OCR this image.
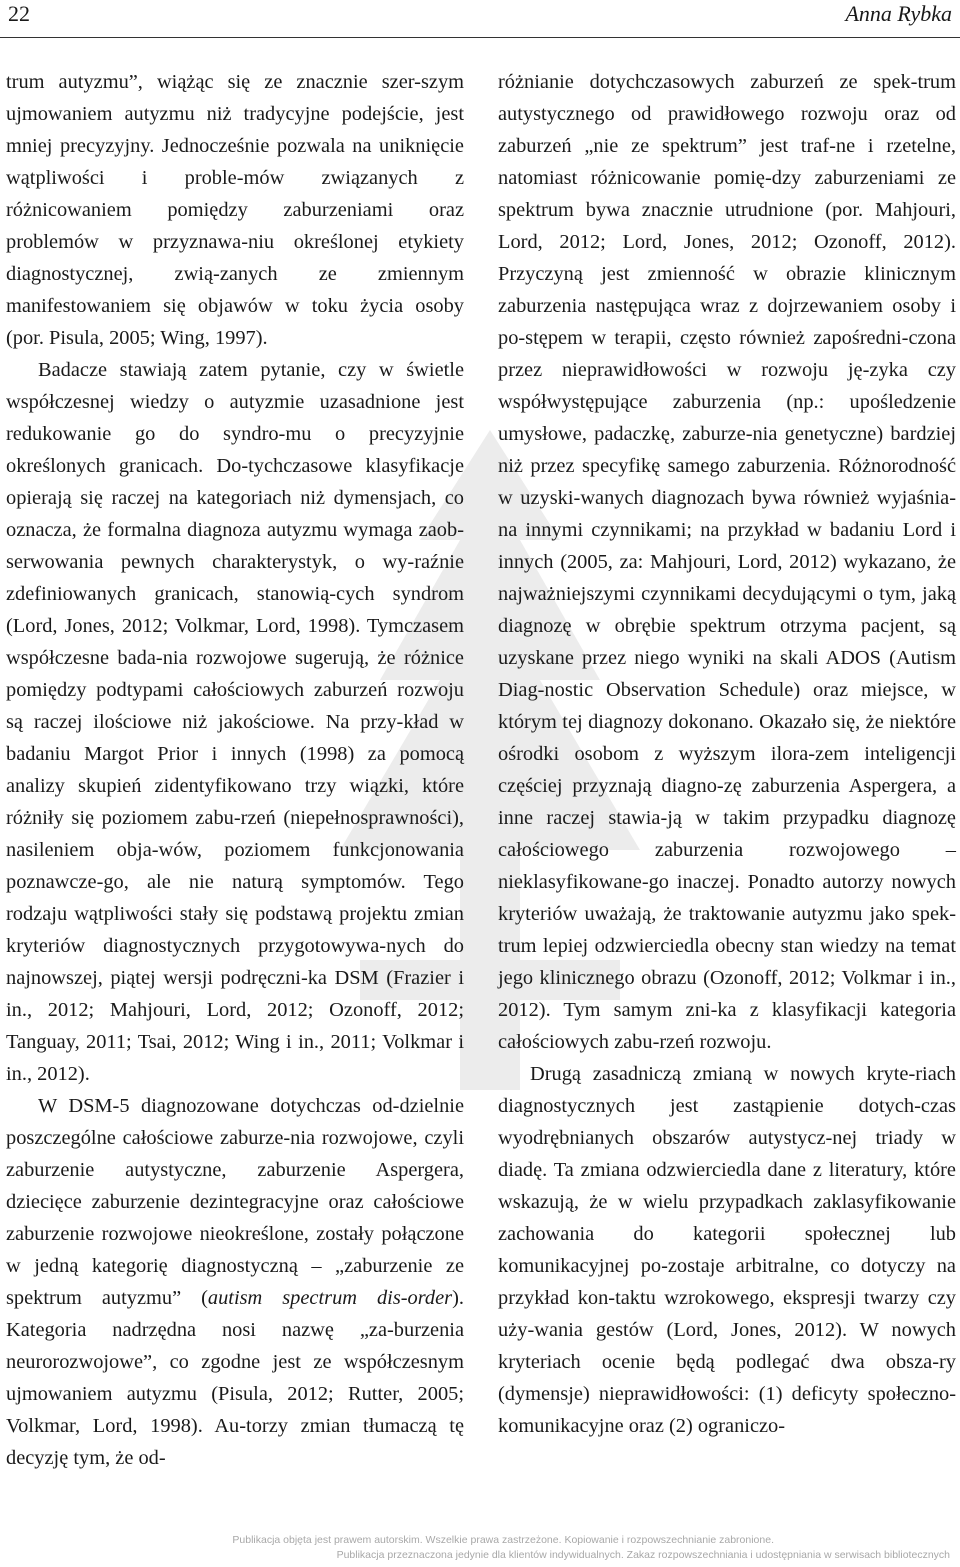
22	Anna Rybka

trum autyzmu”, wiążąc się ze znacznie szer-szym ujmowaniem autyzmu niż tradycyjne podejście, jest mniej precyzyjny. Jednocześnie pozwala na uniknięcie wątpliwości i proble-mów związanych z różnicowaniem pomiędzy zaburzeniami oraz problemów w przyznawa-niu określonej etykiety diagnostycznej, zwią-zanych ze zmiennym manifestowaniem się objawów w toku życia osoby (por. Pisula, 2005; Wing, 1997).

Badacze stawiają zatem pytanie, czy w świetle współczesnej wiedzy o autyzmie uzasadnione jest redukowanie go do syndro-mu o precyzyjnie określonych granicach. Do-tychczasowe klasyfikacje opierają się raczej na kategoriach niż dymensjach, co oznacza, że formalna diagnoza autyzmu wymaga zaob-serwowania pewnych charakterystyk, o wy-raźnie zdefiniowanych granicach, stanowią-cych syndrom (Lord, Jones, 2012; Volkmar, Lord, 1998). Tymczasem współczesne bada-nia rozwojowe sugerują, że różnice pomiędzy podtypami całościowych zaburzeń rozwoju są raczej ilościowe niż jakościowe. Na przy-kład w badaniu Margot Prior i innych (1998) za pomocą analizy skupień zidentyfikowano trzy wiązki, które różniły się poziomem zabu-rzeń (niepełnosprawności), nasileniem obja-wów, poziomem funkcjonowania poznawcze-go, ale nie naturą symptomów. Tego rodzaju wątpliwości stały się podstawą projektu zmian kryteriów diagnostycznych przygotowywa-nych do najnowszej, piątej wersji podręczni-ka DSM (Frazier i in., 2012; Mahjouri, Lord, 2012; Ozonoff, 2012; Tanguay, 2011; Tsai, 2012; Wing i in., 2011; Volkmar i in., 2012).

W DSM-5 diagnozowane dotychczas od-dzielnie poszczególne całościowe zaburze-nia rozwojowe, czyli zaburzenie autystyczne, zaburzenie Aspergera, dziecięce zaburzenie dezintegracyjne oraz całościowe zaburzenie rozwojowe nieokreślone, zostały połączone w jedną kategorię diagnostyczną – „zaburzenie ze spektrum autyzmu” (autism spectrum dis-order). Kategoria nadrzędna nosi nazwę „za-burzenia neurorozwojowe”, co zgodne jest ze współczesnym ujmowaniem autyzmu (Pisula, 2012; Rutter, 2005; Volkmar, Lord, 1998). Au-torzy zmian tłumaczą tę decyzję tym, że od-

różnianie dotychczasowych zaburzeń ze spek-trum autystycznego od prawidłowego rozwoju oraz od zaburzeń „nie ze spektrum” jest traf-ne i rzetelne, natomiast różnicowanie pomię-dzy zaburzeniami ze spektrum bywa znacznie utrudnione (por. Mahjouri, Lord, 2012; Lord, Jones, 2012; Ozonoff, 2012). Przyczyną jest zmienność w obrazie klinicznym zaburzenia następująca wraz z dojrzewaniem osoby i po-stępem w terapii, często również zapośredni-czona przez nieprawidłowości w rozwoju ję-zyka czy współwystępujące zaburzenia (np.: upośledzenie umysłowe, padaczkę, zaburze-nia genetyczne) bardziej niż przez specyfikę samego zaburzenia. Różnorodność w uzyski-wanych diagnozach bywa również wyjaśnia-na innymi czynnikami; na przykład w badaniu Lord i innych (2005, za: Mahjouri, Lord, 2012) wykazano, że najważniejszymi czynnikami decydującymi o tym, jaką diagnozę w obrębie spektrum otrzyma pacjent, są uzyskane przez niego wyniki na skali ADOS (Autism Diag-nostic Observation Schedule) oraz miejsce, w którym tej diagnozy dokonano. Okazało się, że niektóre ośrodki osobom z wyższym ilora-zem inteligencji częściej przyznają diagno-zę zaburzenia Aspergera, a inne raczej stawia-ją w takim przypadku diagnozę całościowego zaburzenia rozwojowego – nieklasyfikowane-go inaczej. Ponadto autorzy nowych kryteriów uważają, że traktowanie autyzmu jako spek-trum lepiej odzwierciedla obecny stan wiedzy na temat jego klinicznego obrazu (Ozonoff, 2012; Volkmar i in., 2012). Tym samym zni-ka z klasyfikacji kategoria całościowych zabu-rzeń rozwoju.

Drugą zasadniczą zmianą w nowych kryte-riach diagnostycznych jest zastąpienie dotych-czas wyodrębnianych obszarów autystycz-nej triady w diadę. Ta zmiana odzwierciedla dane z literatury, które wskazują, że w wielu przypadkach zaklasyfikowanie zachowania do kategorii społecznej lub komunikacyjnej po-zostaje arbitralne, co dotyczy na przykład kon-taktu wzrokowego, ekspresji twarzy czy uży-wania gestów (Lord, Jones, 2012). W nowych kryteriach ocenie będą podlegać dwa obsza-ry (dymensje) nieprawidłowości: (1) deficyty społeczno-komunikacyjne oraz (2) ograniczo-

Publikacja objęta jest prawem autorskim. Wszelkie prawa zastrzeżone. Kopiowanie i rozpowszechnianie zabronione.
Publikacja przeznaczona jedynie dla klientów indywidualnych. Zakaz rozpowszechniania i udostępniania w serwisach bibliotecznych
